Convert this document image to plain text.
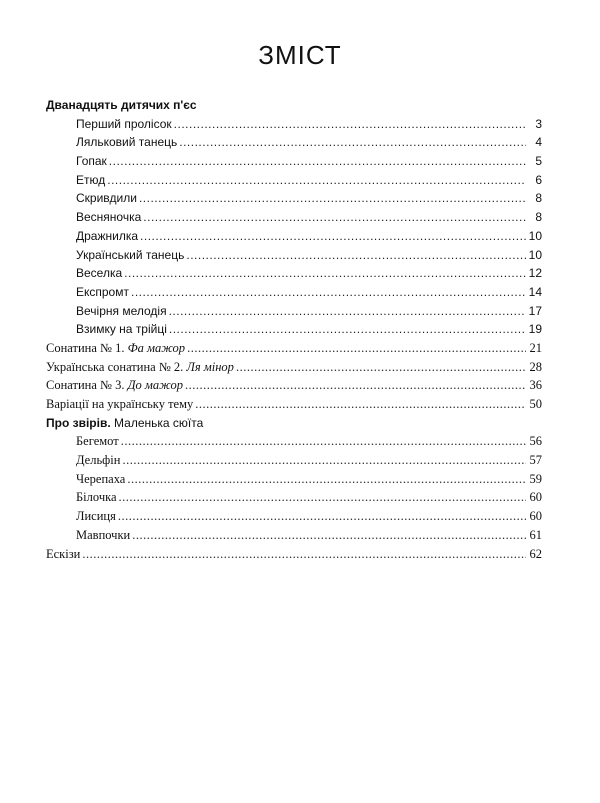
ЗМІСТ
Дванадцять дитячих п'єс
Перший пролісок .....	3
Ляльковий танець .....	4
Гопак .....	5
Етюд .....	6
Скривдили .....	8
Весняночка .....	8
Дражнилка .....	10
Український танець .....	10
Веселка .....	12
Експромт .....	14
Вечірня мелодія .....	17
Взимку на трійці .....	19
Сонатина № 1. Фа мажор .....	21
Українська сонатина № 2. Ля мінор .....	28
Сонатина № 3. До мажор .....	36
Варіації на українську тему .....	50
Про звірів. Маленька сюїта
Бегемот .....	56
Дельфін .....	57
Черепаха .....	59
Білочка .....	60
Лисиця .....	60
Мавпочки .....	61
Ескізи .....	62
